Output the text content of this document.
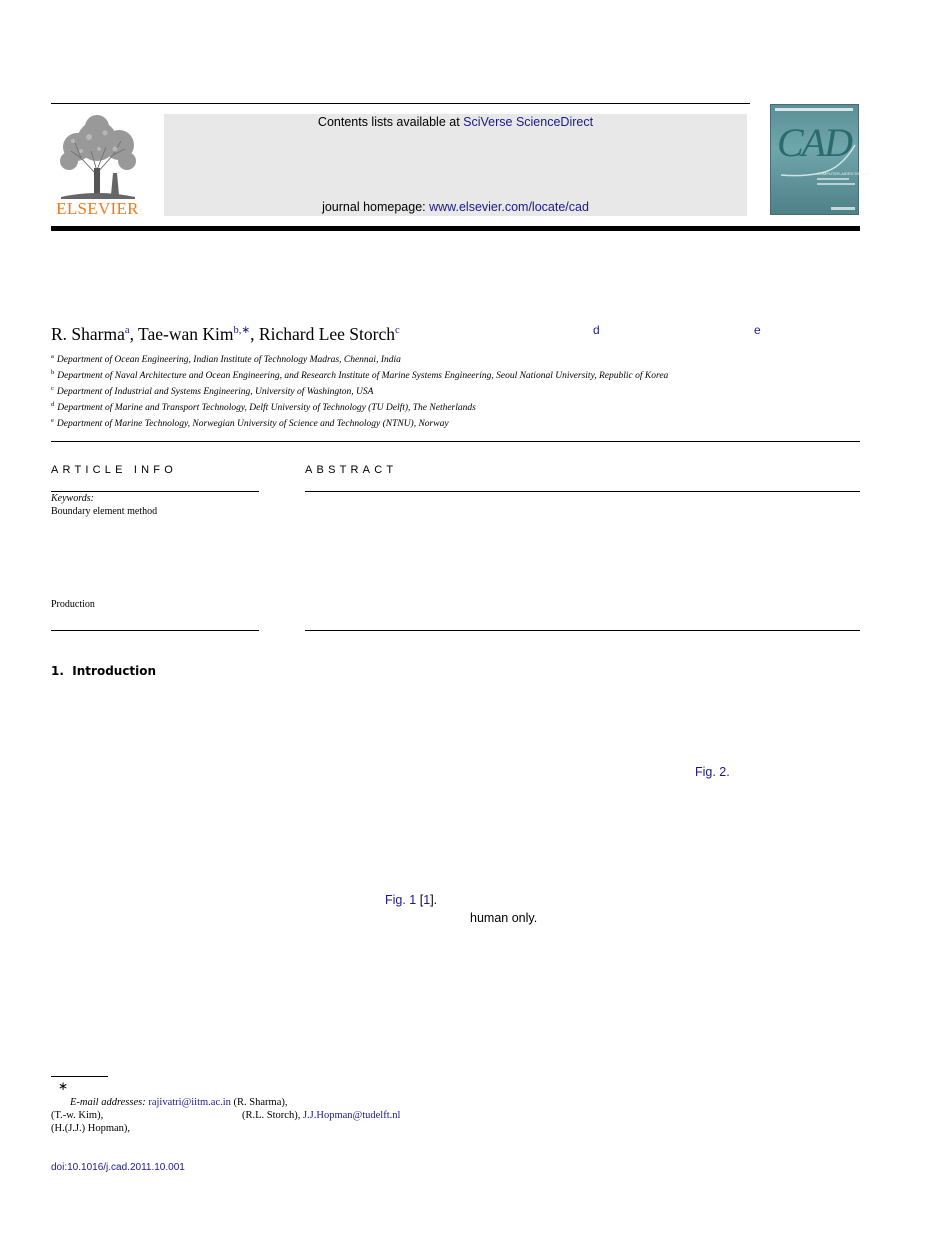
ELSEVIER
Contents lists available at SciVerse ScienceDirect
journal homepage: www.elsevier.com/locate/cad
CAD
COMPUTER-AIDED DESIGN
R. Sharma$^a$, Tae-wan Kim$^{b,∗}$, Richard Lee Storch$^c$	d	e
$^a$ Department of Ocean Engineering, Indian Institute of Technology Madras, Chennai, India
$^b$ Department of Naval Architecture and Ocean Engineering, and Research Institute of Marine Systems Engineering, Seoul National University, Republic of Korea
$^c$ Department of Industrial and Systems Engineering, University of Washington, USA
$^d$ Department of Marine and Transport Technology, Delft University of Technology (TU Delft), The Netherlands
$^e$ Department of Marine Technology, Norwegian University of Science and Technology (NTNU), Norway
ARTICLE INFO	ABSTRACT
Keywords:
Boundary element method
Production
1. Introduction
Fig. 2.
Fig. 1 [1].
human only.
∗
E-mail addresses: rajivatri@iitm.ac.in (R. Sharma),
(T.-w. Kim),	(R.L. Storch), J.J.Hopman@tudelft.nl
(H.(J.J.) Hopman),
doi:10.1016/j.cad.2011.10.001
